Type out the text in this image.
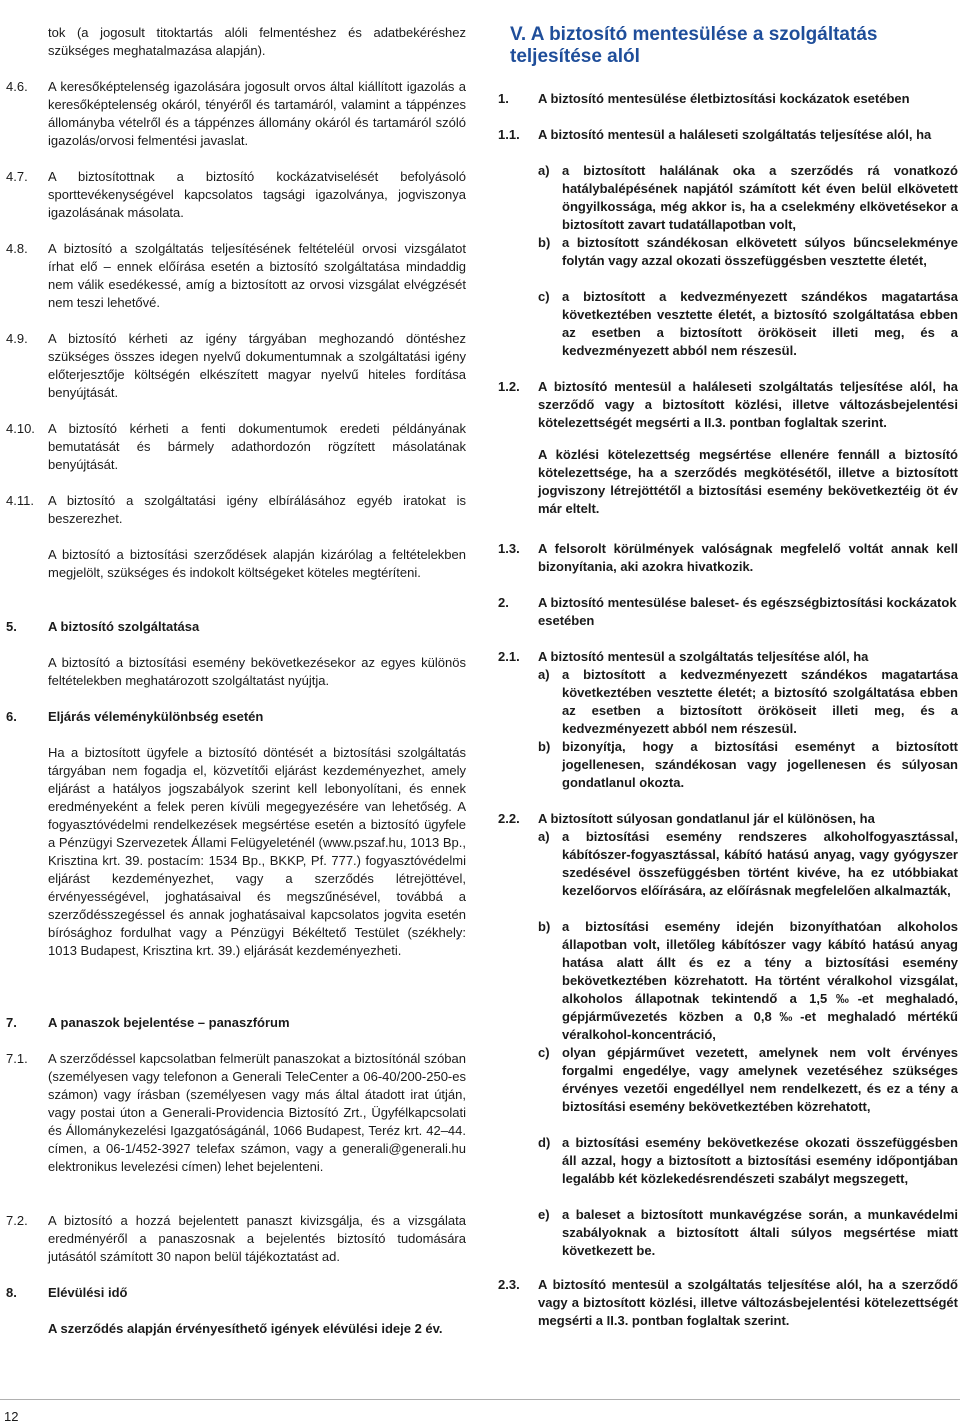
tok (a jogosult titoktartás alóli felmentéshez és adatbekéréshez szükséges meghatalmazása alapján).
4.6. A keresőképtelenség igazolására jogosult orvos által kiállított igazolás a keresőképtelenség okáról, tényéről és tartamáról, valamint a táppénzes állományba vételről és a táppénzes állomány okáról és tartamáról szóló igazolás/orvosi felmentési javaslat.
4.7. A biztosítottnak a biztosító kockázatviselését befolyásoló sporttevékenységével kapcsolatos tagsági igazolványa, jogviszonya igazolásának másolata.
4.8. A biztosító a szolgáltatás teljesítésének feltételéül orvosi vizsgálatot írhat elő – ennek előírása esetén a biztosító szolgáltatása mindaddig nem válik esedékessé, amíg a biztosított az orvosi vizsgálat elvégzését nem teszi lehetővé.
4.9. A biztosító kérheti az igény tárgyában meghozandó döntéshez szükséges összes idegen nyelvű dokumentumnak a szolgáltatási igény előterjesztője költségén elkészített magyar nyelvű hiteles fordítása benyújtását.
4.10. A biztosító kérheti a fenti dokumentumok eredeti példányának bemutatását és bármely adathordozón rögzített másolatának benyújtását.
4.11. A biztosító a szolgáltatási igény elbírálásához egyéb iratokat is beszerezhet.
A biztosító a biztosítási szerződések alapján kizárólag a feltételekben megjelölt, szükséges és indokolt költségeket köteles megtéríteni.
5. A biztosító szolgáltatása
A biztosító a biztosítási esemény bekövetkezésekor az egyes különös feltételekben meghatározott szolgáltatást nyújtja.
6. Eljárás véleménykülönbség esetén
Ha a biztosított ügyfele a biztosító döntését a biztosítási szolgáltatás tárgyában nem fogadja el, közvetítői eljárást kezdeményezhet, amely eljárást a hatályos jogszabályok szerint kell lebonyolítani, és ennek eredményeként a felek peren kívüli megegyezésére van lehetőség. A fogyasztóvédelmi rendelkezések megsértése esetén a biztosító ügyfele a Pénzügyi Szervezetek Állami Felügyeleténél (www.pszaf.hu, 1013 Bp., Krisztina krt. 39. postacím: 1534 Bp., BKKP, Pf. 777.) fogyasztóvédelmi eljárást kezdeményezhet, vagy a szerződés létrejöttével, érvényességével, joghatásaival és megszűnésével, továbbá a szerződésszegéssel és annak joghatásaival kapcsolatos jogvita esetén bírósághoz fordulhat vagy a Pénzügyi Békéltető Testület (székhely: 1013 Budapest, Krisztina krt. 39.) eljárását kezdeményezheti.
7. A panaszok bejelentése – panaszfórum
7.1. A szerződéssel kapcsolatban felmerült panaszokat a biztosítónál szóban (személyesen vagy telefonon a Generali TeleCenter a 06-40/200-250-es számon) vagy írásban (személyesen vagy más által átadott irat útján, vagy postai úton a Generali-Providencia Biztosító Zrt., Ügyfélkapcsolati és Állománykezelési Igazgatóságánál, 1066 Budapest, Teréz krt. 42–44. címen, a 06-1/452-3927 telefax számon, vagy a generali@generali.hu elektronikus levelezési címen) lehet bejelenteni.
7.2. A biztosító a hozzá bejelentett panaszt kivizsgálja, és a vizsgálata eredményéről a panaszosnak a bejelentés biztosító tudomására jutásától számított 30 napon belül tájékoztatást ad.
8. Elévülési idő
A szerződés alapján érvényesíthető igények elévülési ideje 2 év.
V. A biztosító mentesülése a szolgáltatás teljesítése alól
1. A biztosító mentesülése életbiztosítási kockázatok esetében
1.1. A biztosító mentesül a haláleseti szolgáltatás teljesítése alól, ha
a) a biztosított halálának oka a szerződés rá vonatkozó hatálybalépésének napjától számított két éven belül elkövetett öngyilkossága, még akkor is, ha a cselekmény elkövetésekor a biztosított zavart tudatállapotban volt,
b) a biztosított szándékosan elkövetett súlyos bűncselekménye folytán vagy azzal okozati összefüggésben vesztette életét,
c) a biztosított a kedvezményezett szándékos magatartása következtében vesztette életét, a biztosító szolgáltatása ebben az esetben a biztosított örököseit illeti meg, és a kedvezményezett abból nem részesül.
1.2. A biztosító mentesül a haláleseti szolgáltatás teljesítése alól, ha szerződő vagy a biztosított közlési, illetve változásbejelentési kötelezettségét megsérti a II.3. pontban foglaltak szerint.
A közlési kötelezettség megsértése ellenére fennáll a biztosító kötelezettsége, ha a szerződés megkötésétől, illetve a biztosított jogviszony létrejöttétől a biztosítási esemény bekövetkeztéig öt év már eltelt.
1.3. A felsorolt körülmények valóságnak megfelelő voltát annak kell bizonyítania, aki azokra hivatkozik.
2. A biztosító mentesülése baleset- és egészségbiztosítási kockázatok esetében
2.1. A biztosító mentesül a szolgáltatás teljesítése alól, ha
a) a biztosított a kedvezményezett szándékos magatartása következtében vesztette életét; a biztosító szolgáltatása ebben az esetben a biztosított örököseit illeti meg, és a kedvezményezett abból nem részesül.
b) bizonyítja, hogy a biztosítási eseményt a biztosított jogellenesen, szándékosan vagy jogellenesen és súlyosan gondatlanul okozta.
2.2. A biztosított súlyosan gondatlanul jár el különösen, ha
a) a biztosítási esemény rendszeres alkoholfogyasztással, kábítószer-fogyasztással, kábító hatású anyag, vagy gyógyszer szedésével összefüggésben történt kivéve, ha ez utóbbiakat kezelőorvos előírására, az előírásnak megfelelően alkalmazták,
b) a biztosítási esemény idején bizonyíthatóan alkoholos állapotban volt, illetőleg kábítószer vagy kábító hatású anyag hatása alatt állt és ez a tény a biztosítási esemény bekövetkeztében közrehatott. Ha történt véralkohol vizsgálat, alkoholos állapotnak tekintendő a 1,5‰-et meghaladó, gépjárművezetés közben a 0,8‰-et meghaladó mértékű véralkohol-koncentráció,
c) olyan gépjárművet vezetett, amelynek nem volt érvényes forgalmi engedélye, vagy amelynek vezetéséhez szükséges érvényes vezetői engedéllyel nem rendelkezett, és ez a tény a biztosítási esemény bekövetkeztében közrehatott,
d) a biztosítási esemény bekövetkezése okozati összefüggésben áll azzal, hogy a biztosított a biztosítási esemény időpontjában legalább két közlekedésrendészeti szabályt megszegett,
e) a baleset a biztosított munkavégzése során, a munkavédelmi szabályoknak a biztosított általi súlyos megsértése miatt következett be.
2.3. A biztosító mentesül a szolgáltatás teljesítése alól, ha a szerződő vagy a biztosított közlési, illetve változásbejelentési kötelezettségét megsérti a II.3. pontban foglaltak szerint.
12
